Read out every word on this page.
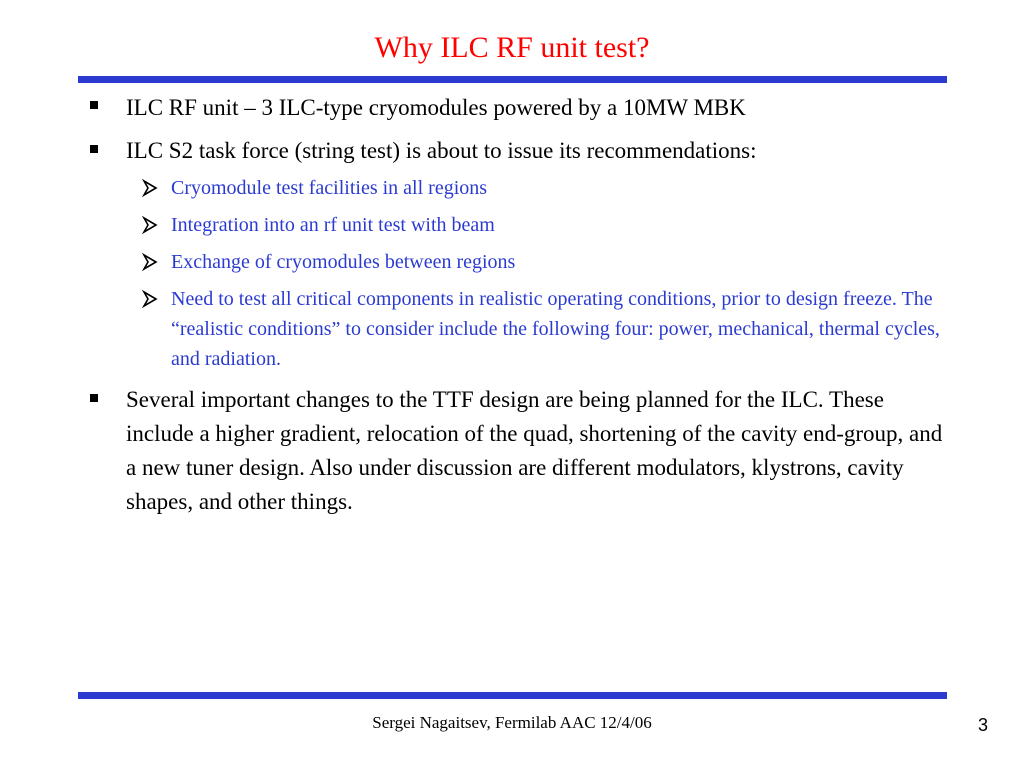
Why ILC RF unit test?
ILC RF unit – 3 ILC-type cryomodules powered by a 10MW MBK
ILC S2 task force (string test) is about to issue its recommendations:
Cryomodule test facilities in all regions
Integration into an rf unit test with beam
Exchange of cryomodules between regions
Need to test all critical components in realistic operating conditions, prior to design freeze. The “realistic conditions” to consider include the following four: power, mechanical, thermal cycles, and radiation.
Several important changes to the TTF design are being planned for the ILC. These include a higher gradient, relocation of the quad, shortening of the cavity end-group, and a new tuner design. Also under discussion are different modulators, klystrons, cavity shapes, and other things.
Sergei Nagaitsev, Fermilab AAC 12/4/06	3
